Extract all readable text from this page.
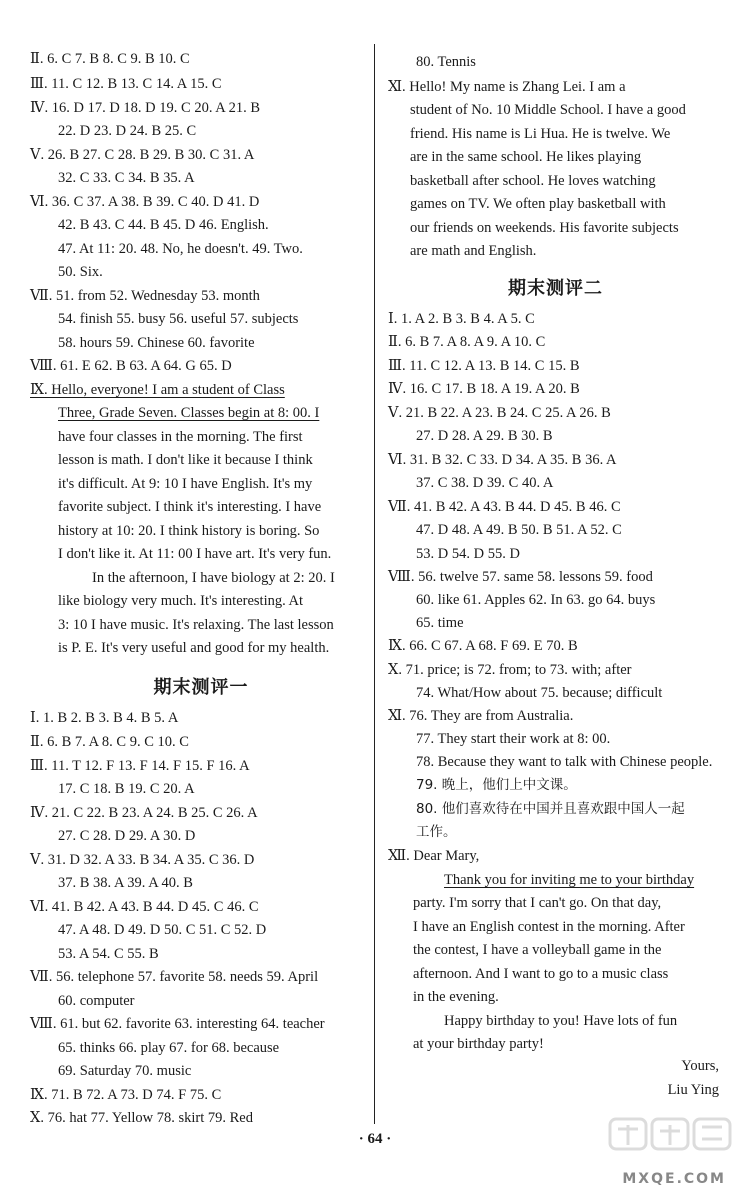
Ⅱ. 6. C 7. B 8. C 9. B 10. C
Ⅲ. 11. C 12. B 13. C 14. A 15. C
Ⅳ. 16. D 17. D 18. D 19. C 20. A 21. B
22. D 23. D 24. B 25. C
Ⅴ. 26. B 27. C 28. B 29. B 30. C 31. A
32. C 33. C 34. B 35. A
Ⅵ. 36. C 37. A 38. B 39. C 40. D 41. D
42. B 43. C 44. B 45. D 46. English.
47. At 11: 20. 48. No, he doesn't. 49. Two.
50. Six.
Ⅶ. 51. from 52. Wednesday 53. month
54. finish 55. busy 56. useful 57. subjects
58. hours 59. Chinese 60. favorite
Ⅷ. 61. E 62. B 63. A 64. G 65. D
Ⅸ. Hello, everyone! I am a student of Class
Three, Grade Seven. Classes begin at 8: 00. I
have four classes in the morning. The first
lesson is math. I don't like it because I think
it's difficult. At 9: 10 I have English. It's my
favorite subject. I think it's interesting. I have
history at 10: 20. I think history is boring. So
I don't like it. At 11: 00 I have art. It's very fun.
In the afternoon, I have biology at 2: 20. I
like biology very much. It's interesting. At
3: 10 I have music. It's relaxing. The last lesson
is P. E. It's very useful and good for my health.
期末测评一
Ⅰ. 1. B 2. B 3. B 4. B 5. A
Ⅱ. 6. B 7. A 8. C 9. C 10. C
Ⅲ. 11. T 12. F 13. F 14. F 15. F 16. A
17. C 18. B 19. C 20. A
Ⅳ. 21. C 22. B 23. A 24. B 25. C 26. A
27. C 28. D 29. A 30. D
Ⅴ. 31. D 32. A 33. B 34. A 35. C 36. D
37. B 38. A 39. A 40. B
Ⅵ. 41. B 42. A 43. B 44. D 45. C 46. C
47. A 48. D 49. D 50. C 51. C 52. D
53. A 54. C 55. B
Ⅶ. 56. telephone 57. favorite 58. needs 59. April
60. computer
Ⅷ. 61. but 62. favorite 63. interesting 64. teacher
65. thinks 66. play 67. for 68. because
69. Saturday 70. music
Ⅸ. 71. B 72. A 73. D 74. F 75. C
Ⅹ. 76. hat 77. Yellow 78. skirt 79. Red
80. Tennis
Ⅺ. Hello! My name is Zhang Lei. I am a
student of No. 10 Middle School. I have a good
friend. His name is Li Hua. He is twelve. We
are in the same school. He likes playing
basketball after school. He loves watching
games on TV. We often play basketball with
our friends on weekends. His favorite subjects
are math and English.
期末测评二
Ⅰ. 1. A 2. B 3. B 4. A 5. C
Ⅱ. 6. B 7. A 8. A 9. A 10. C
Ⅲ. 11. C 12. A 13. B 14. C 15. B
Ⅳ. 16. C 17. B 18. A 19. A 20. B
Ⅴ. 21. B 22. A 23. B 24. C 25. A 26. B
27. D 28. A 29. B 30. B
Ⅵ. 31. B 32. C 33. D 34. A 35. B 36. A
37. C 38. D 39. C 40. A
Ⅶ. 41. B 42. A 43. B 44. D 45. B 46. C
47. D 48. A 49. B 50. B 51. A 52. C
53. D 54. D 55. D
Ⅷ. 56. twelve 57. same 58. lessons 59. food
60. like 61. Apples 62. In 63. go 64. buys
65. time
Ⅸ. 66. C 67. A 68. F 69. E 70. B
Ⅹ. 71. price; is 72. from; to 73. with; after
74. What/How about 75. because; difficult
Ⅺ. 76. They are from Australia.
77. They start their work at 8: 00.
78. Because they want to talk with Chinese people.
79. 晚上，他们上中文课。
80. 他们喜欢待在中国并且喜欢跟中国人一起
工作。
Ⅻ. Dear Mary,
Thank you for inviting me to your birthday
party. I'm sorry that I can't go. On that day,
I have an English contest in the morning. After
the contest, I have a volleyball game in the
afternoon. And I want to go to a music class
in the evening.
Happy birthday to you! Have lots of fun
at your birthday party!
Yours,
Liu Ying
· 64 ·
MXQE.COM
